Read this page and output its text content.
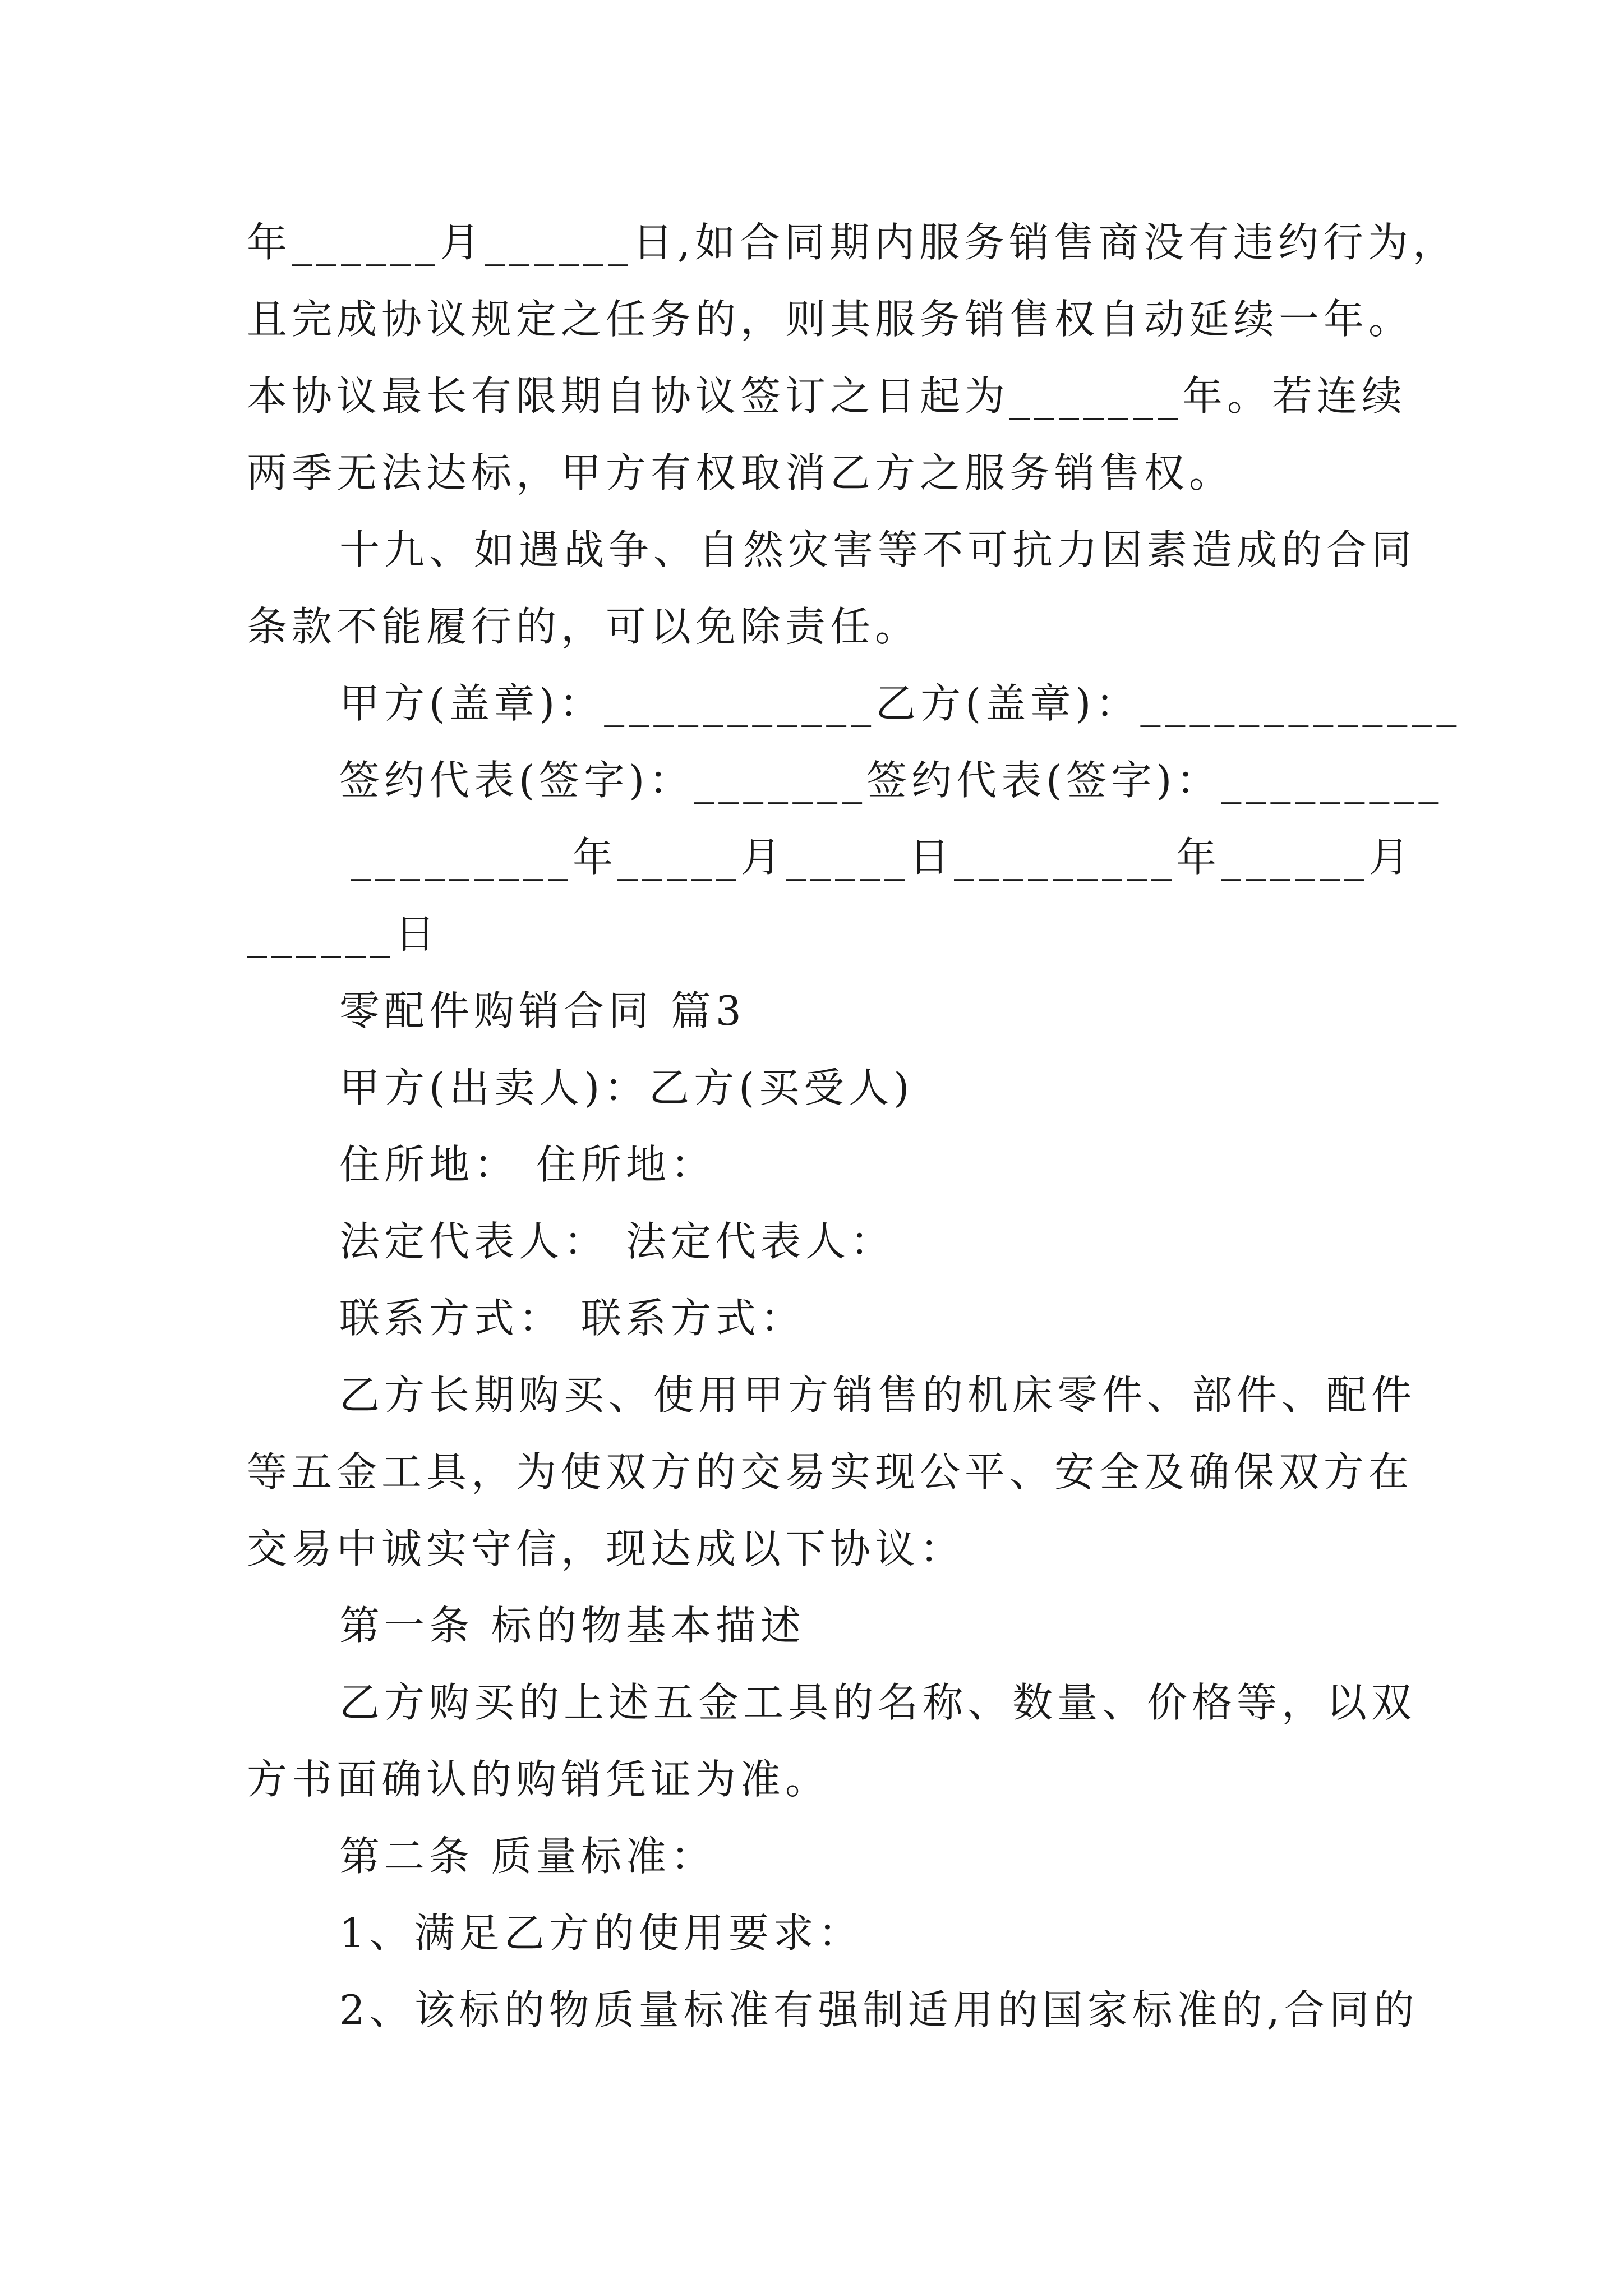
年______月______日,如合同期内服务销售商没有违约行为，
且完成协议规定之任务的，则其服务销售权自动延续一年。
本协议最长有限期自协议签订之日起为_______年。若连续
两季无法达标，甲方有权取消乙方之服务销售权。
十九、如遇战争、自然灾害等不可抗力因素造成的合同
条款不能履行的，可以免除责任。
甲方(盖章)：___________乙方(盖章)：_____________
签约代表(签字)：_______签约代表(签字)：_________
_________年_____月_____日_________年______月
______日
零配件购销合同 篇3
甲方(出卖人)：乙方(买受人)
住所地： 住所地：
法定代表人： 法定代表人：
联系方式： 联系方式：
乙方长期购买、使用甲方销售的机床零件、部件、配件
等五金工具，为使双方的交易实现公平、安全及确保双方在
交易中诚实守信，现达成以下协议：
第一条 标的物基本描述
乙方购买的上述五金工具的名称、数量、价格等，以双
方书面确认的购销凭证为准。
第二条 质量标准：
1、满足乙方的使用要求：
2、该标的物质量标准有强制适用的国家标准的,合同的
